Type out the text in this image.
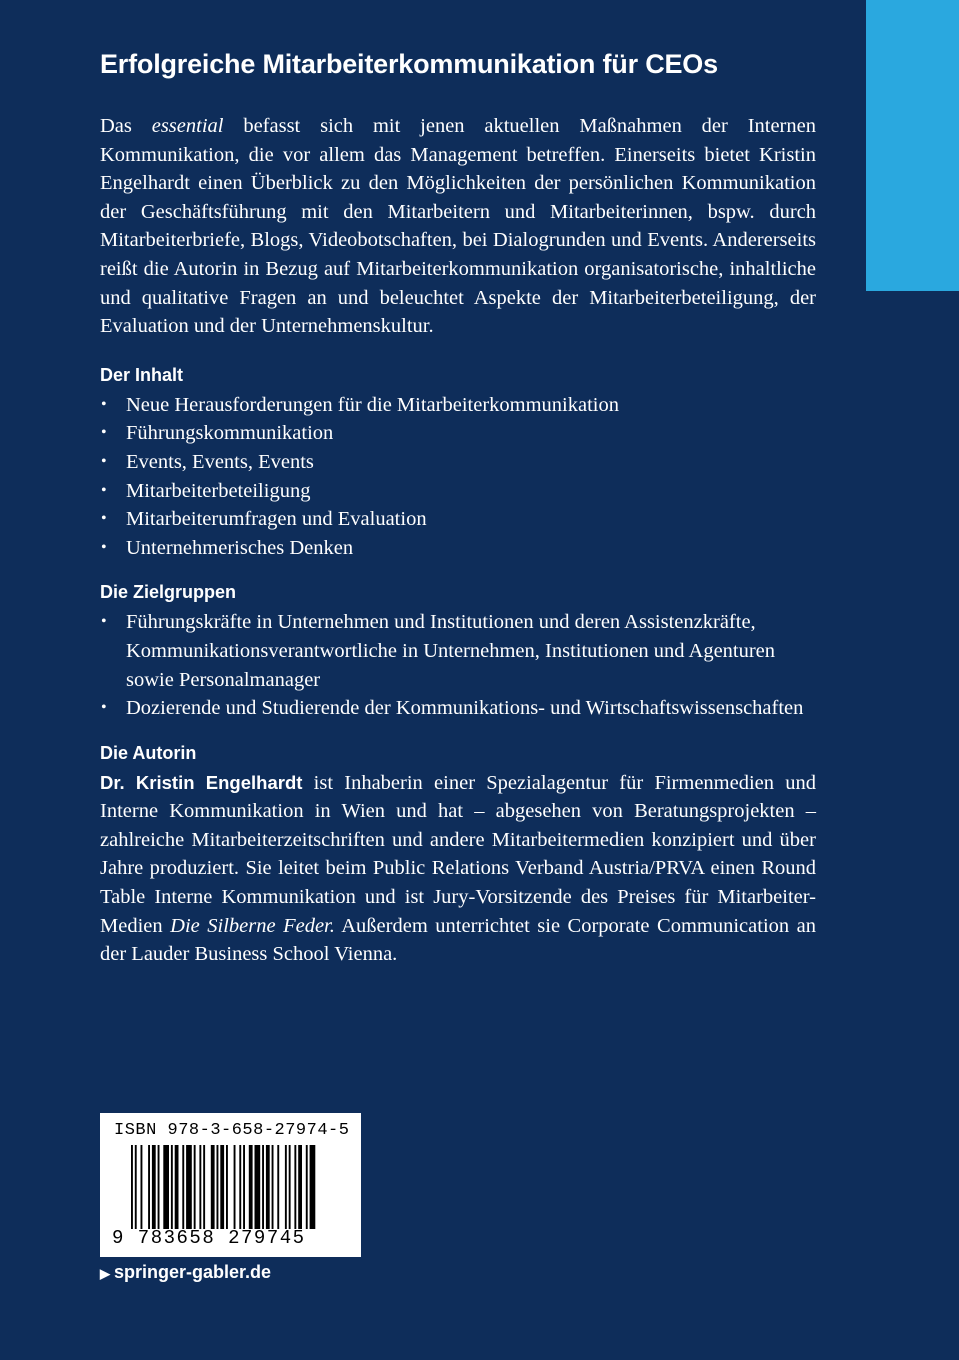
Erfolgreiche Mitarbeiterkommunikation für CEOs

Das essential befasst sich mit jenen aktuellen Maßnahmen der Internen Kommunikation, die vor allem das Management betreffen. Einerseits bietet Kristin Engelhardt einen Überblick zu den Möglichkeiten der persönlichen Kommunikation der Geschäftsführung mit den Mitarbeitern und Mitarbeiterinnen, bspw. durch Mitarbeiterbriefe, Blogs, Videobotschaften, bei Dialogrunden und Events. Andererseits reißt die Autorin in Bezug auf Mitarbeiterkommunikation organisatorische, inhaltliche und qualitative Fragen an und beleuchtet Aspekte der Mitarbeiterbeteiligung, der Evaluation und der Unternehmenskultur.

Der Inhalt
• Neue Herausforderungen für die Mitarbeiterkommunikation
• Führungskommunikation
• Events, Events, Events
• Mitarbeiterbeteiligung
• Mitarbeiterumfragen und Evaluation
• Unternehmerisches Denken
Die Zielgruppen
• Führungskräfte in Unternehmen und Institutionen und deren Assistenzkräfte, Kommunikationsverantwortliche in Unternehmen, Institutionen und Agenturen sowie Personalmanager
• Dozierende und Studierende der Kommunikations- und Wirtschaftswissenschaften
Die Autorin

Dr. Kristin Engelhardt ist Inhaberin einer Spezialagentur für Firmenmedien und Interne Kommunikation in Wien und hat – abgesehen von Beratungsprojekten – zahlreiche Mitarbeiterzeitschriften und andere Mitarbeitermedien konzipiert und über Jahre produziert. Sie leitet beim Public Relations Verband Austria/PRVA einen Round Table Interne Kommunikation und ist Jury-Vorsitzende des Preises für Mitarbeiter-Medien Die Silberne Feder. Außerdem unterrichtet sie Corporate Communication an der Lauder Business School Vienna.

ISBN 978-3-658-27974-5
9 783658 279745
▶ springer-gabler.de
